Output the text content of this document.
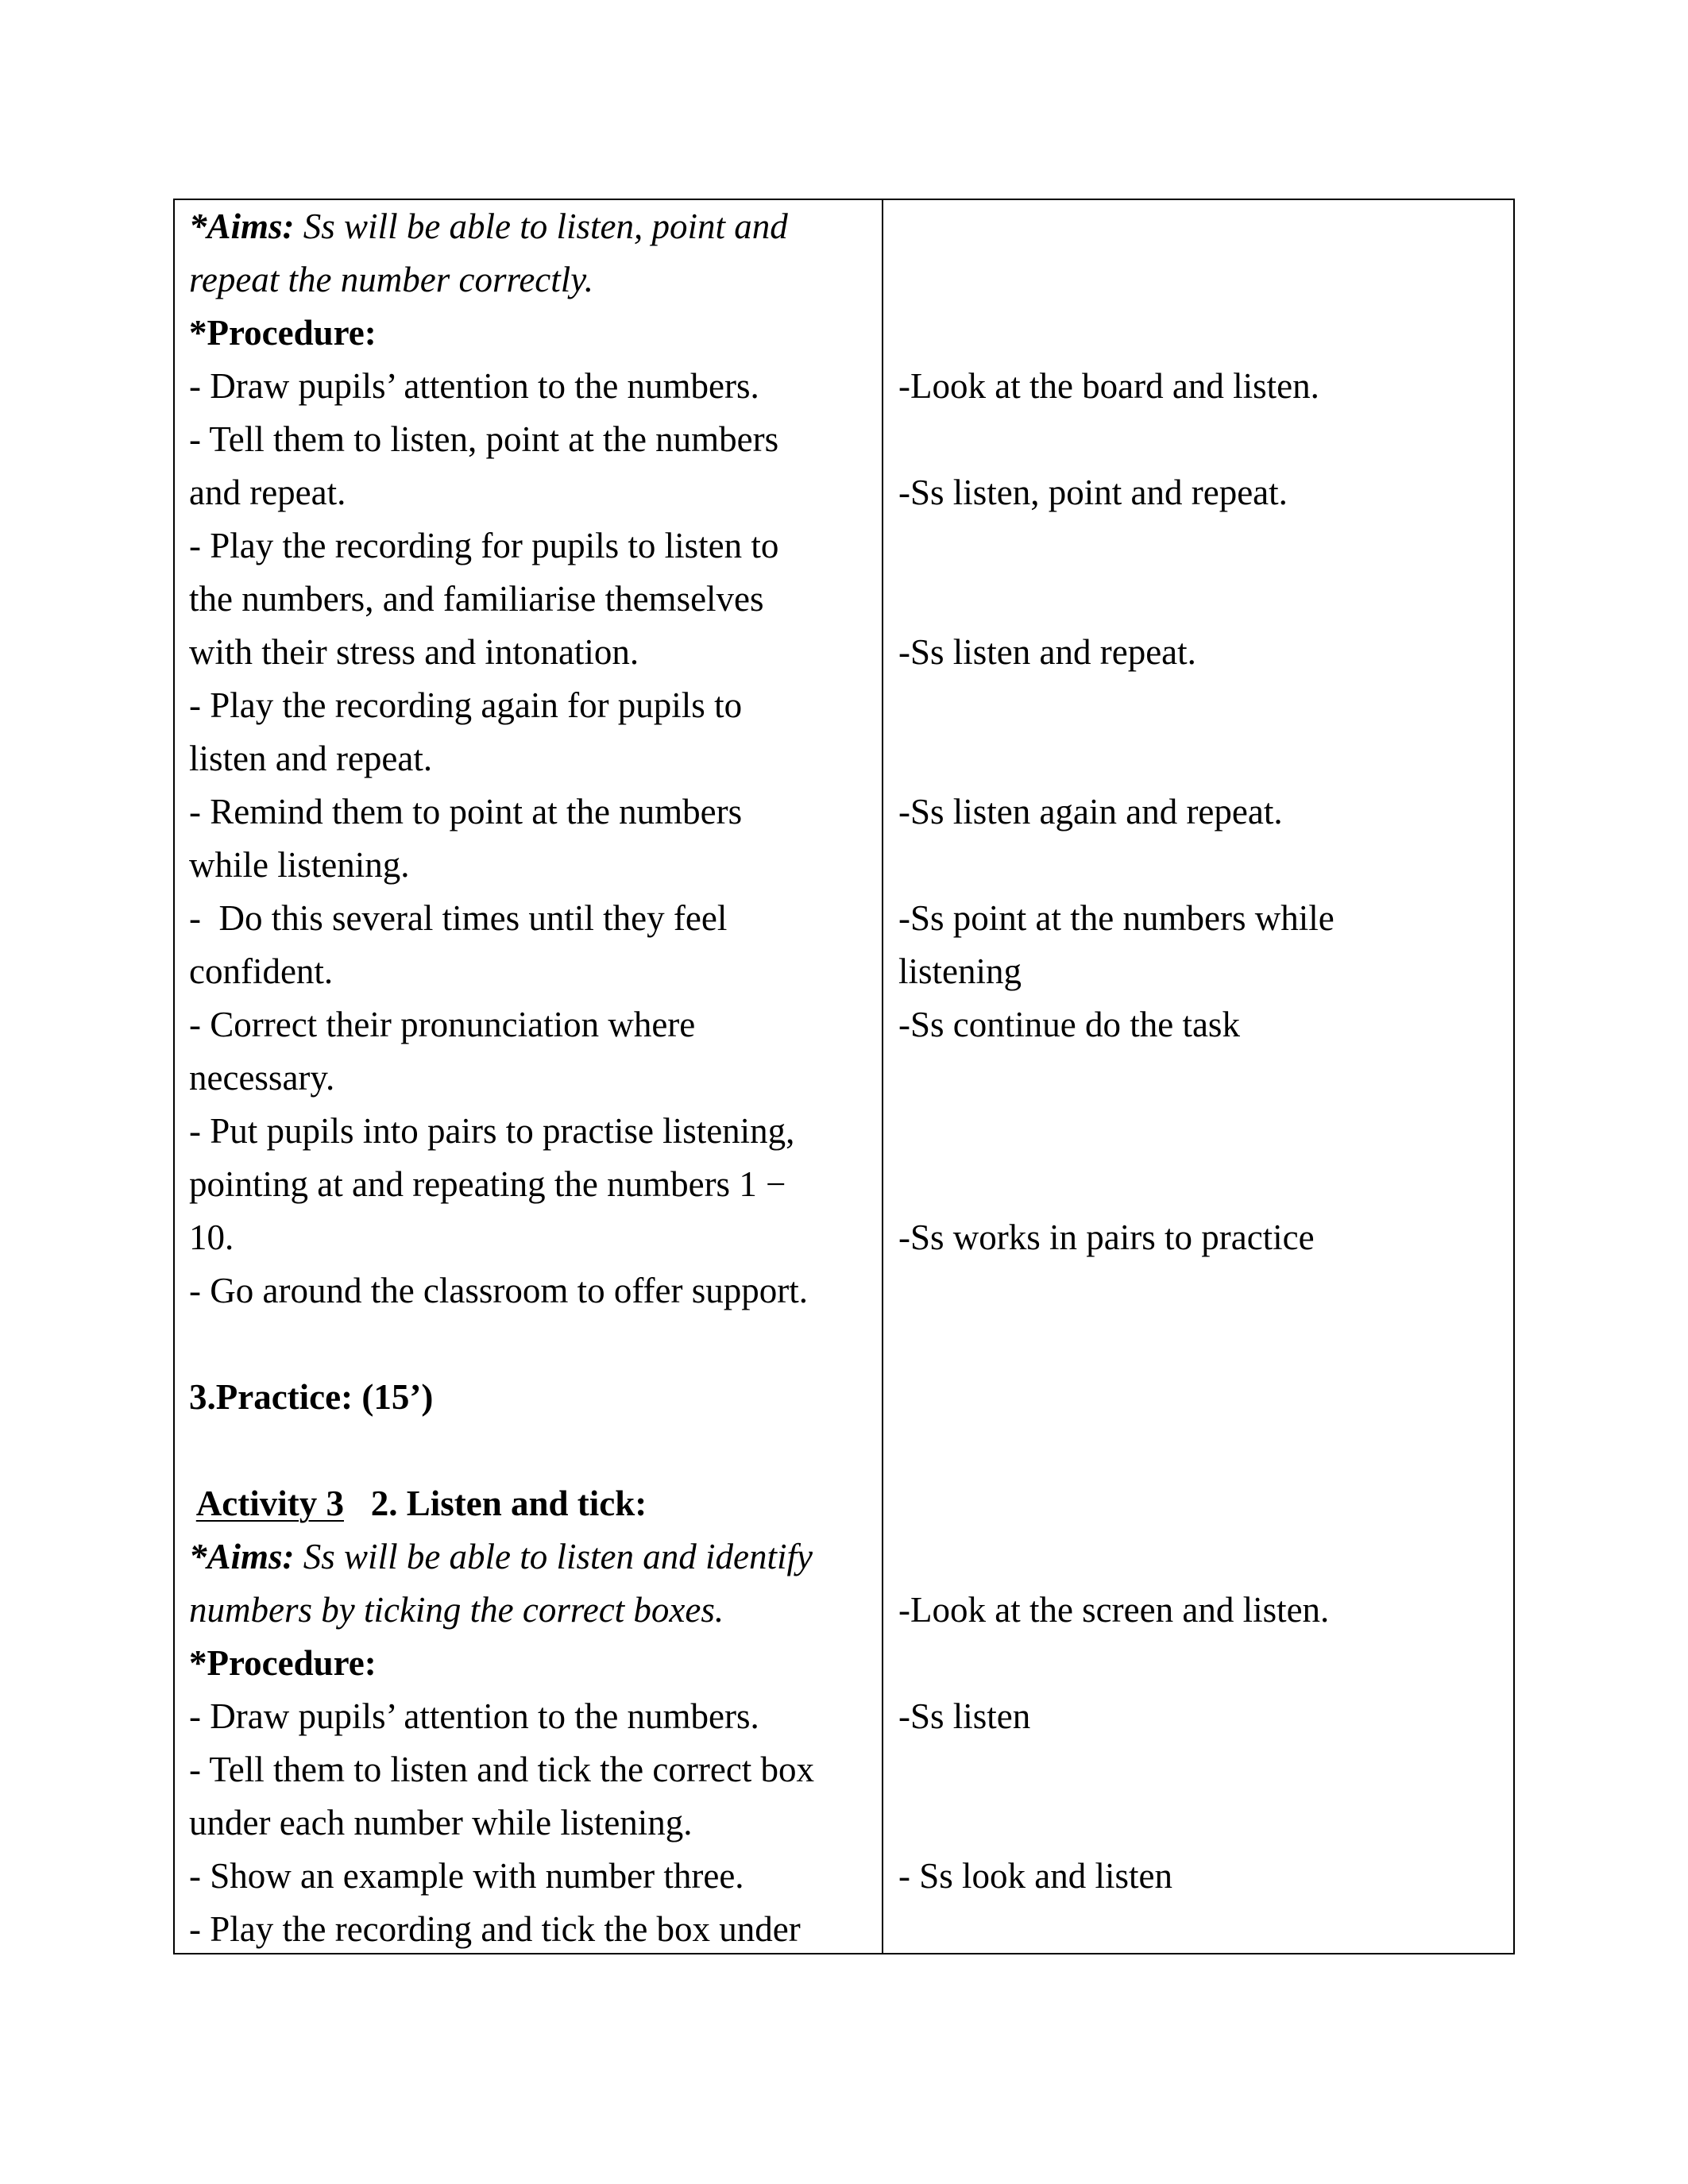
*Aims: Ss will be able to listen, point and
repeat the number correctly.
*Procedure:
- Draw pupils’ attention to the numbers.
- Tell them to listen, point at the numbers
and repeat.
- Play the recording for pupils to listen to
the numbers, and familiarise themselves
with their stress and intonation.
- Play the recording again for pupils to
listen and repeat.
- Remind them to point at the numbers
while listening.
-  Do this several times until they feel
confident.
- Correct their pronunciation where
necessary.
- Put pupils into pairs to practise listening,
pointing at and repeating the numbers 1 −
10.
- Go around the classroom to offer support.
3.Practice: (15’)
Activity 3 2. Listen and tick:
*Aims: Ss will be able to listen and identify
numbers by ticking the correct boxes.
*Procedure:
- Draw pupils’ attention to the numbers.
- Tell them to listen and tick the correct box
under each number while listening.
- Show an example with number three.
- Play the recording and tick the box under
-Look at the board and listen.
-Ss listen, point and repeat.
-Ss listen and repeat.
-Ss listen again and repeat.
-Ss point at the numbers while
listening
-Ss continue do the task
-Ss works in pairs to practice
-Look at the screen and listen.
-Ss listen
- Ss look and listen
